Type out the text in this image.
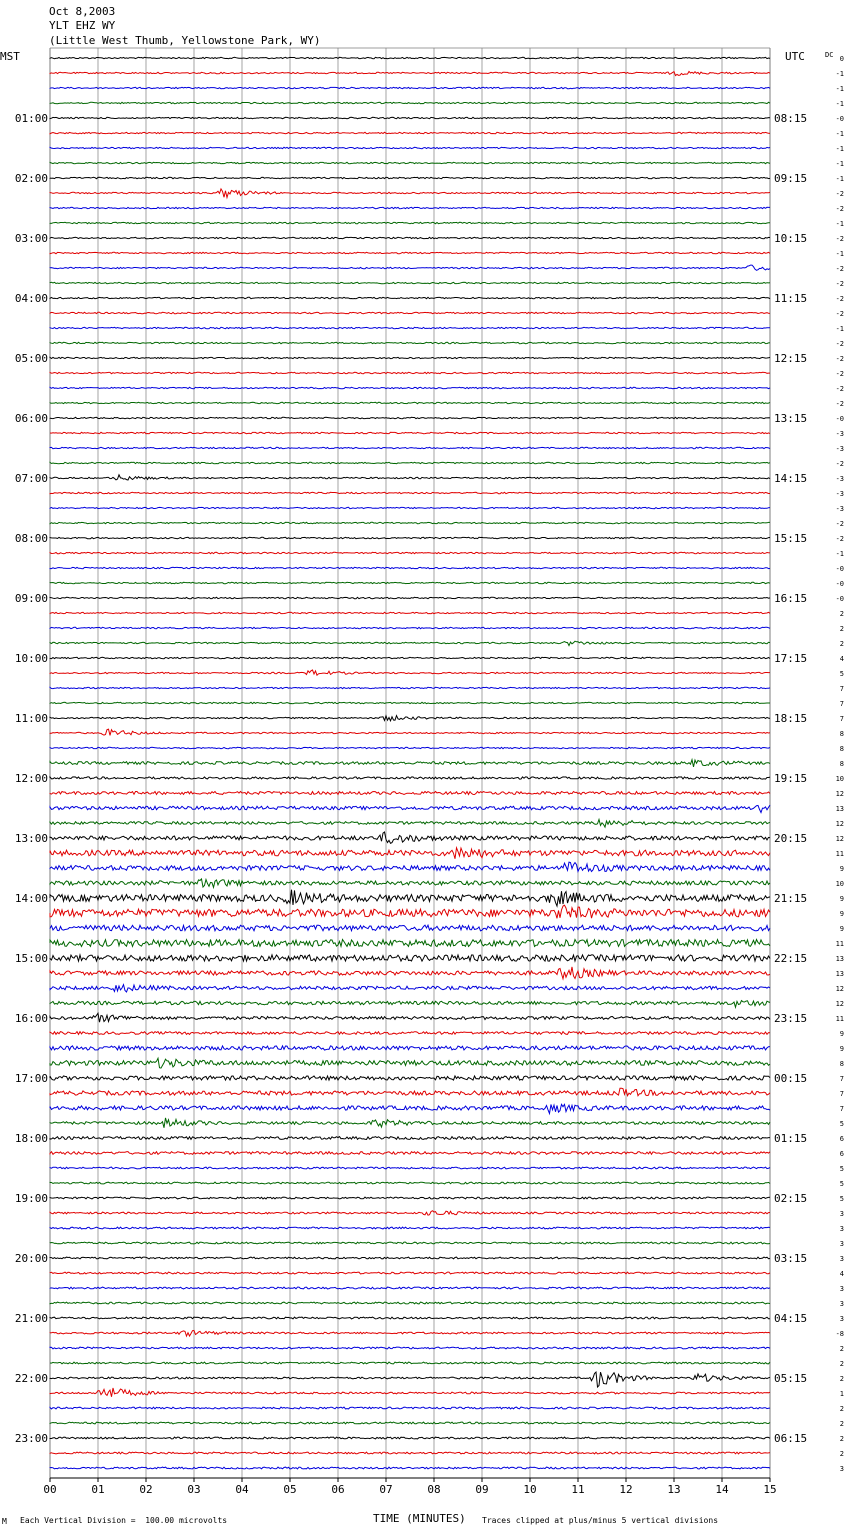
Oct 8,2003
YLT EHZ WY
(Little West Thumb, Yellowstone Park, WY)
MST	UTC	DC
01:00
02:00
03:00
04:00
05:00
06:00
07:00
08:00
09:00
10:00
11:00
12:00
13:00
14:00
15:00
16:00
17:00
18:00
19:00
20:00
21:00
22:00
23:00
08:15
09:15
10:15
11:15
12:15
13:15
14:15
15:15
16:15
17:15
18:15
19:15
20:15
21:15
22:15
23:15
00:15
01:15
02:15
03:15
04:15
05:15
06:15
0
-1
-1
-1
-0
-1
-1
-1
-1
-2
-2
-1
-2
-1
-2
-2
-2
-2
-1
-2
-2
-2
-2
-2
-0
-3
-3
-2
-3
-3
-3
-2
-2
-1
-0
-0
-0
2
2
2
4
5
7
7
7
8
8
8
10
12
13
12
12
11
9
10
9
9
9
11
13
13
12
12
11
9
9
8
7
7
7
5
6
6
5
5
5
3
3
3
3
4
3
3
3
-8
2
2
2
1
2
2
2
2
3
00	01	02	03	04	05	06	07	08	09	10	11	12	13	14	15
TIME (MINUTES)
M Each Vertical Division =  100.00 microvolts	Traces clipped at plus/minus 5 vertical divisions
